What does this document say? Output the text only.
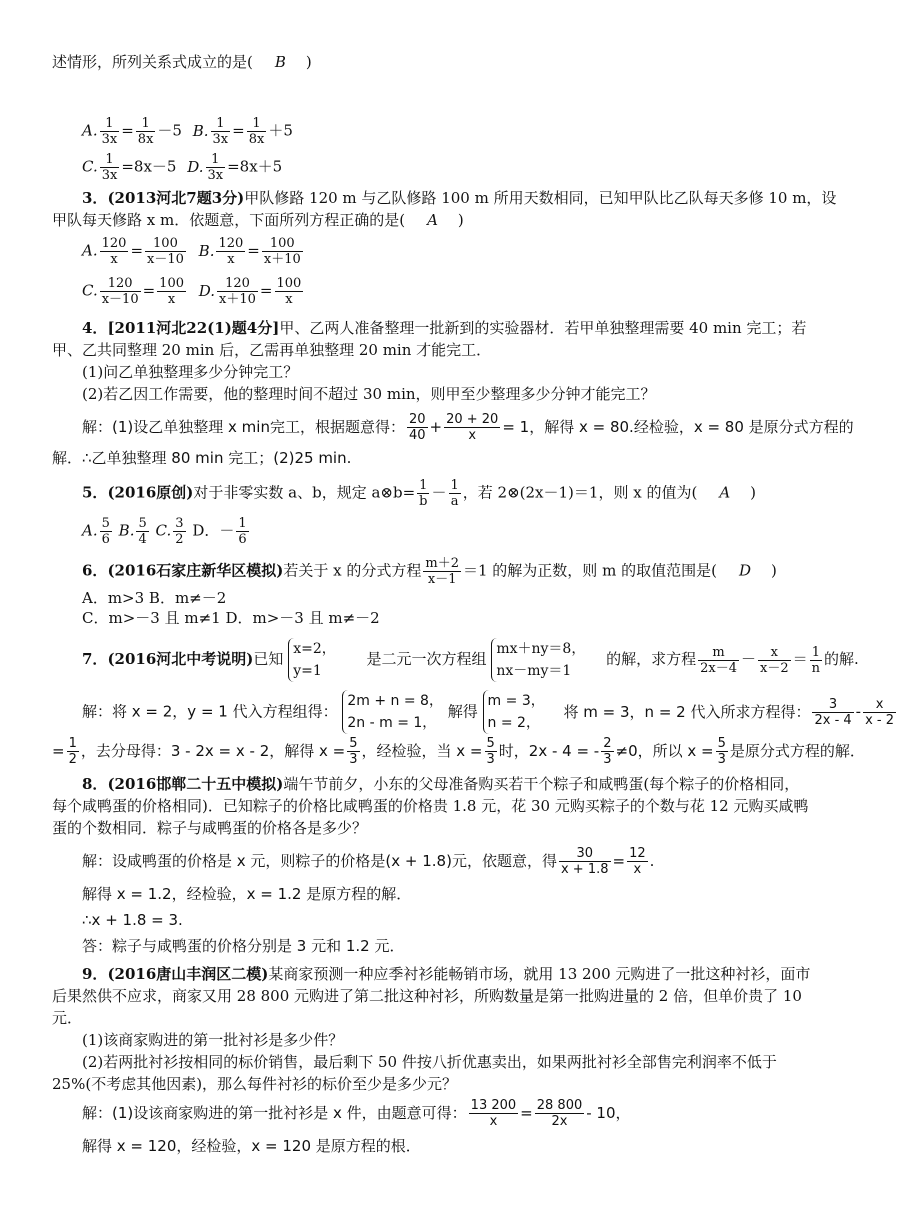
述情形，所列关系式成立的是( B )
A. $\frac{1}{3x} = \frac{1}{8x} -5$ B. $\frac{1}{3x} = \frac{1}{8x} +5$
C. $\frac{1}{3x} =8x-5$ D. $\frac{1}{3x} =8x+5$
3．(2013河北7题3分)甲队修路 120 m 与乙队修路 100 m 所用天数相同，已知甲队比乙队每天多修 10 m，设
甲队每天修路 x m．依题意，下面所列方程正确的是( A )
A. $\frac{120}{x} = \frac{100}{x-10} B$. $\frac{120}{x} = \frac{100}{x+10}$
C. $\frac{120}{x-10} = \frac{100}{x} D$. $\frac{120}{x+10} = \frac{100}{x}$
4．[2011河北22(1)题4分]甲、乙两人准备整理一批新到的实验器材．若甲单独整理需要 40 min 完工；若
甲、乙共同整理 20 min 后，乙需再单独整理 20 min 才能完工．
(1)问乙单独整理多少分钟完工？
(2)若乙因工作需要，他的整理时间不超过 30 min，则甲至少整理多少分钟才能完工？
解：(1)设乙单独整理 x min完工，根据题意得： $\frac{20}{40} + \frac{20 + 20}{x} = 1$，解得 x = 80.经检验，x = 80 是原分式方程的
解．∴乙单独整理 80 min 完工；(2)25 min.
5．(2016原创)对于非零实数 a、b，规定 a⊗b= $\frac{1}{b} - \frac{1}{a}$ ，若 2⊗(2x－1)＝1，则 x 的值为( A )
A. $\frac{5}{6} B$. $\frac{5}{4} C$. $\frac{3}{2}$ D．－ $\frac{1}{6}$
6．(2016石家庄新华区模拟)若关于 x 的分式方程 $\frac{m+2}{x-1} =1$ 的解为正数，则 m 的取值范围是( D )
A．m>3 B．m≠－2
C．m>－3 且 m≠1 D．m>－3 且 m≠－2
7．(2016河北中考说明)已知
x=2，
y=1
是二元一次方程组
mx＋ny＝8，
nx－my＝1
的解，求方程 $\frac{m}{2x-4} - \frac{x}{x-2} = \frac{1}{n}$ 的解.
解：将 x = 2，y = 1 代入方程组得：
2m + n = 8，
2n - m = 1，
解得
m = 3，
n = 2，
将 m = 3，n = 2 代入所求方程得： $\frac{3}{2x - 4} - \frac{x}{x - 2}$
= $\frac{1}{2}$ ，去分母得：3 - 2x = x - 2，解得 $x = \frac{5}{3}$ ，经检验，当 $x = \frac{5}{3}$ 时，2x - 4 = - $\frac{2}{3} \ne 0$，所以 $x = \frac{5}{3}$ 是原分式方程的解．
8．(2016邯郸二十五中模拟)端午节前夕，小东的父母准备购买若干个粽子和咸鸭蛋(每个粽子的价格相同，
每个咸鸭蛋的价格相同)．已知粽子的价格比咸鸭蛋的价格贵 1.8 元，花 30 元购买粽子的个数与花 12 元购买咸鸭
蛋的个数相同．粽子与咸鸭蛋的价格各是多少？
解：设咸鸭蛋的价格是 x 元，则粽子的价格是(x + 1.8)元，依题意，得 $\frac{30}{x + 1.8} = \frac{12}{x}$ .
解得 x = 1.2，经检验，x = 1.2 是原方程的解．
∴x + 1.8 = 3.
答：粽子与咸鸭蛋的价格分别是 3 元和 1.2 元．
9．(2016唐山丰润区二模)某商家预测一种应季衬衫能畅销市场，就用 13 200 元购进了一批这种衬衫，面市
后果然供不应求，商家又用 28 800 元购进了第二批这种衬衫，所购数量是第一批购进量的 2 倍，但单价贵了 10
元．
(1)该商家购进的第一批衬衫是多少件？
(2)若两批衬衫按相同的标价销售，最后剩下 50 件按八折优惠卖出，如果两批衬衫全部售完利润率不低于
25%(不考虑其他因素)，那么每件衬衫的标价至少是多少元？
解：(1)设该商家购进的第一批衬衫是 x 件，由题意可得： $\frac{13 200}{x} = \frac{28 800}{2x} - 10$，
解得 x = 120，经检验，x = 120 是原方程的根．
